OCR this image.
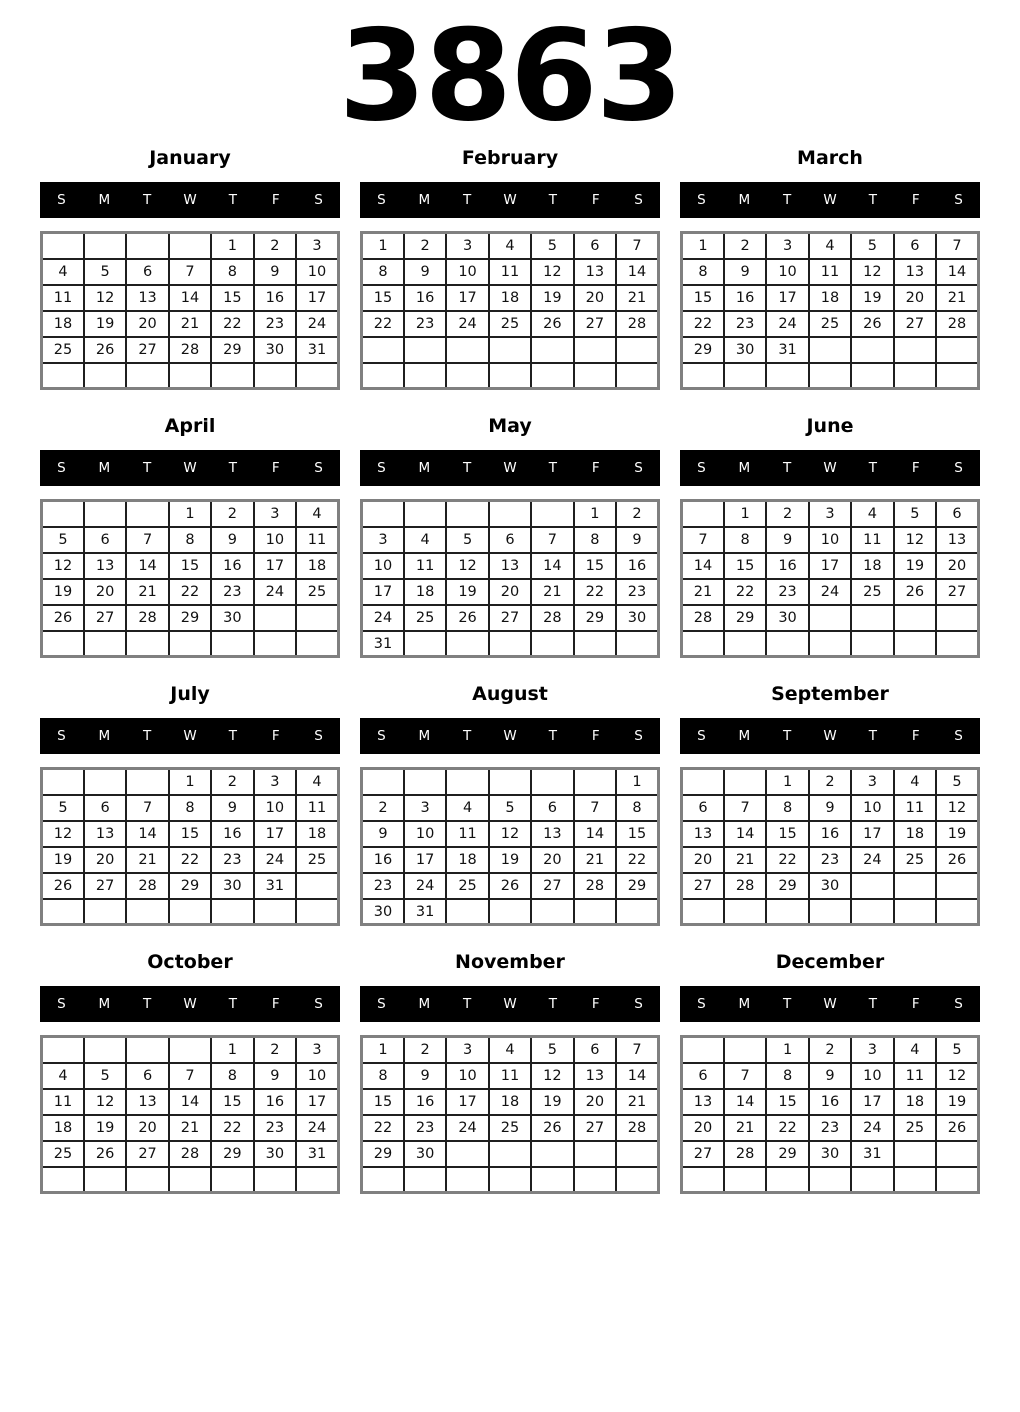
3863
January
S	M	T	W	T	F	S
				1	2	3
4	5	6	7	8	9	10
11	12	13	14	15	16	17
18	19	20	21	22	23	24
25	26	27	28	29	30	31

February
S	M	T	W	T	F	S
1	2	3	4	5	6	7
8	9	10	11	12	13	14
15	16	17	18	19	20	21
22	23	24	25	26	27	28

March
S	M	T	W	T	F	S
1	2	3	4	5	6	7
8	9	10	11	12	13	14
15	16	17	18	19	20	21
22	23	24	25	26	27	28
29	30	31				

April
S	M	T	W	T	F	S
			1	2	3	4
5	6	7	8	9	10	11
12	13	14	15	16	17	18
19	20	21	22	23	24	25
26	27	28	29	30		

May
S	M	T	W	T	F	S
					1	2
3	4	5	6	7	8	9
10	11	12	13	14	15	16
17	18	19	20	21	22	23
24	25	26	27	28	29	30
31						
June
S	M	T	W	T	F	S
	1	2	3	4	5	6
7	8	9	10	11	12	13
14	15	16	17	18	19	20
21	22	23	24	25	26	27
28	29	30				

July
S	M	T	W	T	F	S
			1	2	3	4
5	6	7	8	9	10	11
12	13	14	15	16	17	18
19	20	21	22	23	24	25
26	27	28	29	30	31	

August
S	M	T	W	T	F	S
						1
2	3	4	5	6	7	8
9	10	11	12	13	14	15
16	17	18	19	20	21	22
23	24	25	26	27	28	29
30	31					
September
S	M	T	W	T	F	S
		1	2	3	4	5
6	7	8	9	10	11	12
13	14	15	16	17	18	19
20	21	22	23	24	25	26
27	28	29	30			

October
S	M	T	W	T	F	S
				1	2	3
4	5	6	7	8	9	10
11	12	13	14	15	16	17
18	19	20	21	22	23	24
25	26	27	28	29	30	31

November
S	M	T	W	T	F	S
1	2	3	4	5	6	7
8	9	10	11	12	13	14
15	16	17	18	19	20	21
22	23	24	25	26	27	28
29	30					

December
S	M	T	W	T	F	S
		1	2	3	4	5
6	7	8	9	10	11	12
13	14	15	16	17	18	19
20	21	22	23	24	25	26
27	28	29	30	31		
